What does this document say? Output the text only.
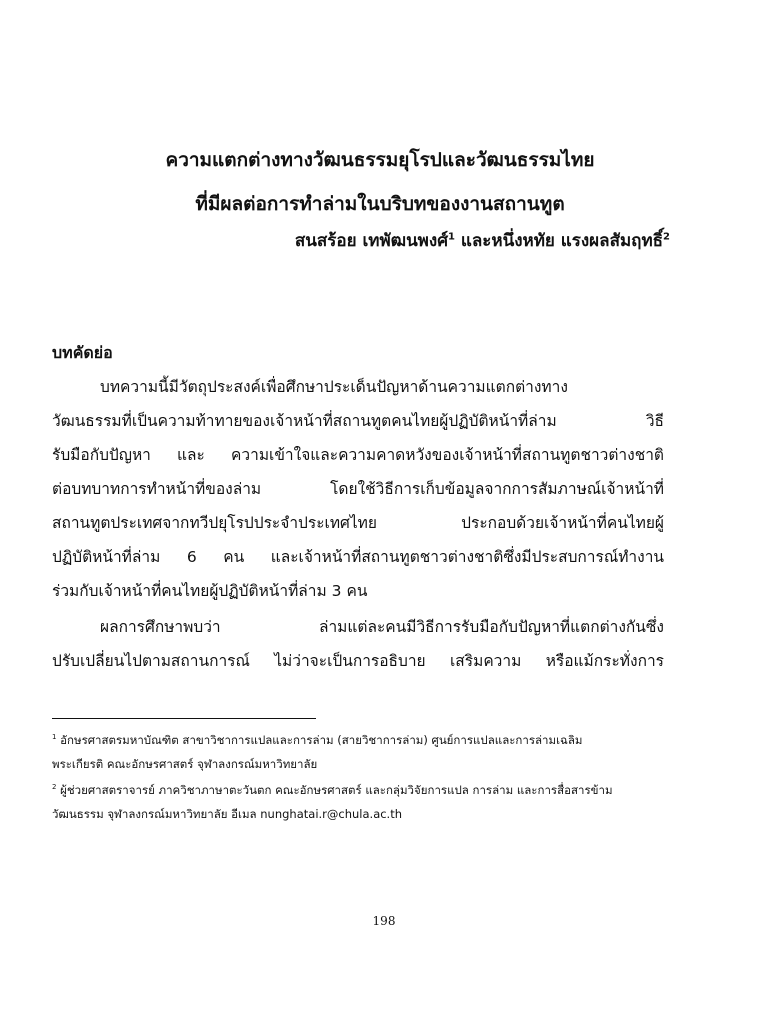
ความแตกต่างทางวัฒนธรรมยุโรปและวัฒนธรรมไทย
ที่มีผลต่อการทำล่ามในบริบทของงานสถานทูต
สนสร้อย เทพัฒนพงศ์$^1$ และหนึ่งหทัย แรงผลสัมฤทธิ์$^2$
บทคัดย่อ
บทความนี้มีวัตถุประสงค์เพื่อศึกษาประเด็นปัญหาด้านความแตกต่างทาง
วัฒนธรรมที่เป็นความท้าทายของเจ้าหน้าที่สถานทูตคนไทยผู้ปฏิบัติหน้าที่ล่าม วิธี
รับมือกับปัญหา และ ความเข้าใจและความคาดหวังของเจ้าหน้าที่สถานทูตชาวต่างชาติ
ต่อบทบาทการทำหน้าที่ของล่าม โดยใช้วิธีการเก็บข้อมูลจากการสัมภาษณ์เจ้าหน้าที่
สถานทูตประเทศจากทวีปยุโรปประจำประเทศไทย ประกอบด้วยเจ้าหน้าที่คนไทยผู้
ปฏิบัติหน้าที่ล่าม 6 คน และเจ้าหน้าที่สถานทูตชาวต่างชาติซึ่งมีประสบการณ์ทำงาน
ร่วมกับเจ้าหน้าที่คนไทยผู้ปฏิบัติหน้าที่ล่าม 3 คน
ผลการศึกษาพบว่า ล่ามแต่ละคนมีวิธีการรับมือกับปัญหาที่แตกต่างกันซึ่ง
ปรับเปลี่ยนไปตามสถานการณ์ ไม่ว่าจะเป็นการอธิบาย เสริมความ หรือแม้กระทั่งการ
$^1$ อักษรศาสตรมหาบัณฑิต สาขาวิชาการแปลและการล่าม (สายวิชาการล่าม) ศูนย์การแปลและการล่ามเฉลิม
พระเกียรติ คณะอักษรศาสตร์ จุฬาลงกรณ์มหาวิทยาลัย
$^2$ ผู้ช่วยศาสตราจารย์ ภาควิชาภาษาตะวันตก คณะอักษรศาสตร์ และกลุ่มวิจัยการแปล การล่าม และการสื่อสารข้าม
วัฒนธรรม จุฬาลงกรณ์มหาวิทยาลัย อีเมล nunghatai.r@chula.ac.th
198
